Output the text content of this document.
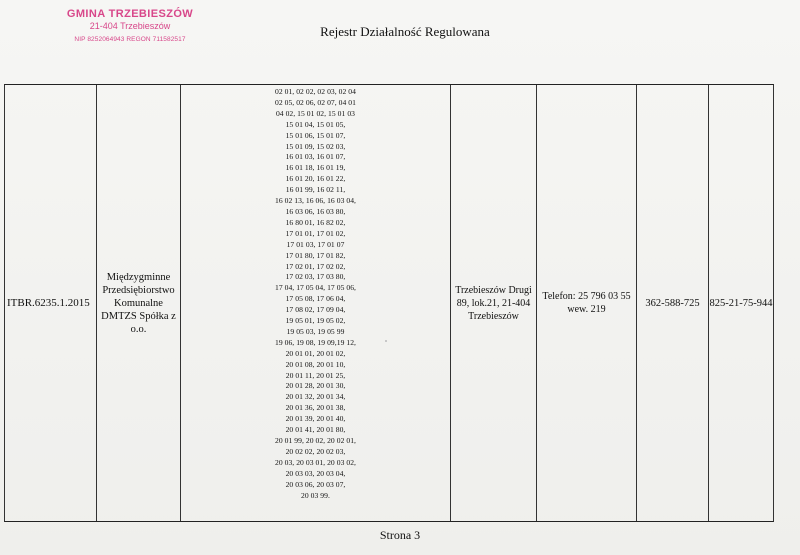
GMINA TRZEBIESZÓW
21-404 Trzebieszów
NIP 8252064943 REGON 711582517
Rejestr Działalność Regulowana
ITBR.6235.1.2015
Międzygminne
Przedsiębiorstwo
Komunalne
DMTZS Spółka z
o.o.
02 01, 02 02, 02 03, 02 04
02 05, 02 06, 02 07, 04 01
04 02, 15 01 02, 15 01 03
15 01 04, 15 01 05,
15 01 06, 15 01 07,
15 01 09, 15 02 03,
16 01 03, 16 01 07,
16 01 18, 16 01 19,
16 01 20, 16 01 22,
16 01 99, 16 02 11,
16 02 13, 16 06, 16 03 04,
16 03 06, 16 03 80,
16 80 01, 16 82 02,
17 01 01, 17 01 02,
17 01 03, 17 01 07
17 01 80, 17 01 82,
17 02 01, 17 02 02,
17 02 03, 17 03 80,
17 04, 17 05 04, 17 05 06,
17 05 08, 17 06 04,
17 08 02, 17 09 04,
19 05 01, 19 05 02,
19 05 03, 19 05 99
19 06, 19 08, 19 09,19 12,
20 01 01, 20 01 02,
20 01 08, 20 01 10,
20 01 11, 20 01 25,
20 01 28, 20 01 30,
20 01 32, 20 01 34,
20 01 36, 20 01 38,
20 01 39, 20 01 40,
20 01 41, 20 01 80,
20 01 99, 20 02, 20 02 01,
20 02 02, 20 02 03,
20 03, 20 03 01, 20 03 02,
20 03 03, 20 03 04,
20 03 06, 20 03 07,
20 03 99.
Trzebieszów Drugi
89, lok.21, 21-404
Trzebieszów
Telefon: 25 796 03 55
wew. 219
362-588-725 825-21-75-944
Strona 3
